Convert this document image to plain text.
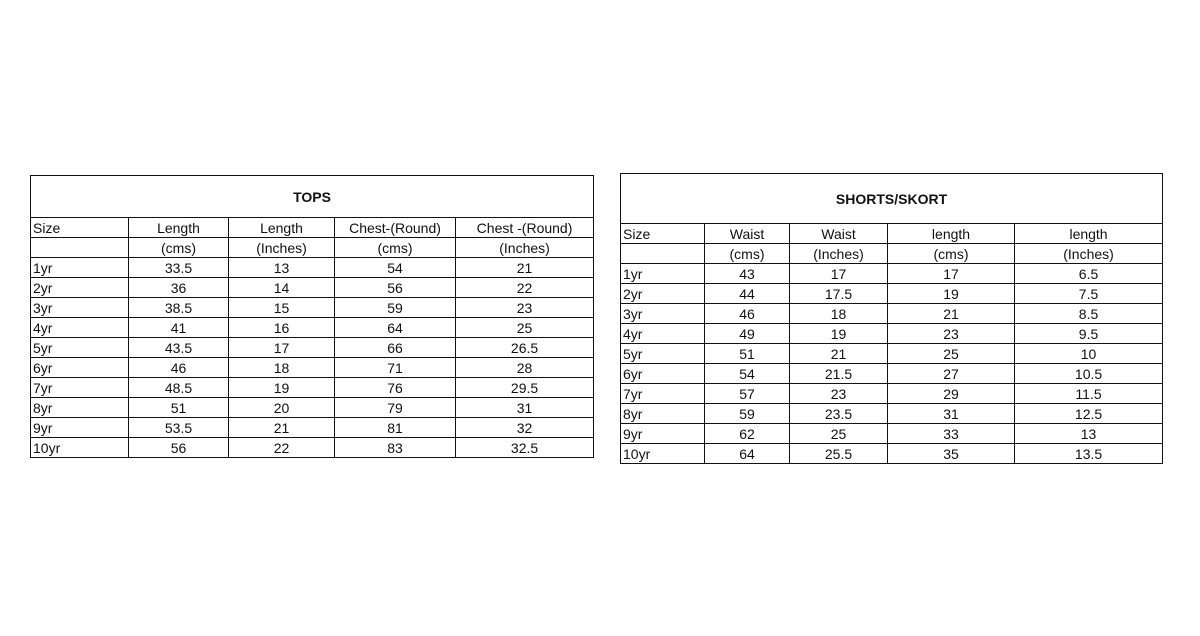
TOPS				
Size	Length	Length	Chest-(Round)	Chest -(Round)
	(cms)	(Inches)	(cms)	(Inches)
1yr	33.5	13	54	21
2yr	36	14	56	22
3yr	38.5	15	59	23
4yr	41	16	64	25
5yr	43.5	17	66	26.5
6yr	46	18	71	28
7yr	48.5	19	76	29.5
8yr	51	20	79	31
9yr	53.5	21	81	32
10yr	56	22	83	32.5
SHORTS/SKORT				
Size	Waist	Waist	length	length
	(cms)	(Inches)	(cms)	(Inches)
1yr	43	17	17	6.5
2yr	44	17.5	19	7.5
3yr	46	18	21	8.5
4yr	49	19	23	9.5
5yr	51	21	25	10
6yr	54	21.5	27	10.5
7yr	57	23	29	11.5
8yr	59	23.5	31	12.5
9yr	62	25	33	13
10yr	64	25.5	35	13.5
